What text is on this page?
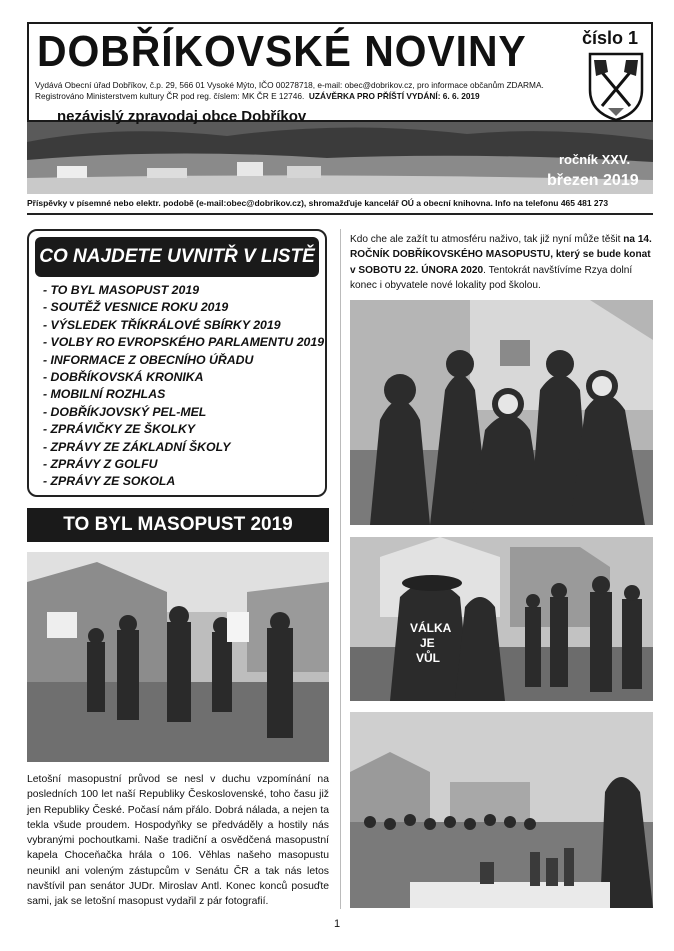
DOBŘÍKOVSKÉ NOVINY	číslo 1
Vydává Obecní úřad Dobříkov, č.p. 29, 566 01 Vysoké Mýto, IČO 00278718, e-mail: obec@dobrikov.cz, pro informace občanům ZDARMA.
Registrováno Ministerstvem kultury ČR pod reg. číslem: MK ČR E 12746. UZÁVĚRKA PRO PŘÍŠTÍ VYDÁNÍ: 6. 6. 2019
nezávislý zpravodaj obce Dobříkov
ročník XXV.
březen 2019
Příspěvky v písemné nebo elektr. podobě (e-mail:obec@dobrikov.cz), shromažďuje kancelář OÚ a obecní knihovna. Info na telefonu 465 481 273
CO NAJDETE UVNITŘ V LISTĚ
- TO BYL MASOPUST 2019
- SOUTĚŽ VESNICE ROKU 2019
- VÝSLEDEK TŘÍKRÁLOVÉ SBÍRKY 2019
- VOLBY RO EVROPSKÉHO PARLAMENTU 2019
- INFORMACE Z OBECNÍHO ÚŘADU
- DOBŘÍKOVSKÁ KRONIKA
- MOBILNÍ ROZHLAS
- DOBŘÍKJOVSKÝ PEL-MEL
- ZPRÁVIČKY ZE ŠKOLKY
- ZPRÁVY ZE ZÁKLADNÍ ŠKOLY
- ZPRÁVY Z GOLFU
- ZPRÁVY ZE SOKOLA
TO BYL MASOPUST 2019
Letošní masopustní průvod se nesl v duchu vzpomínání na posledních 100 let naší Republiky Československé, toho času již jen Republiky České. Počasí nám přálo. Dobrá nálada, a nejen ta tekla všude proudem. Hospodyňky se předváděly a hostily nás vybranými pochoutkami. Naše tradiční a osvědčená masopustní kapela Choceňačka hrála o 106. Věhlas našeho masopustu neunikl ani voleným zástupcům v Senátu ČR a tak nás letos navštívil pan senátor JUDr. Miroslav Antl. Konec konců posuďte sami, jak se letošní masopust vydařil z pár fotografií.
Kdo che ale zažít tu atmosféru naživo, tak již nyní může těšit na 14. ROČNÍK DOBŘÍKOVSKÉHO MASOPUSTU, který se bude konat v SOBOTU 22. ÚNORA 2020. Tentokrát navštívíme Rzya dolní konec i obyvatele nové lokality pod školou.
VÁLKA
JE
VŮL
1
